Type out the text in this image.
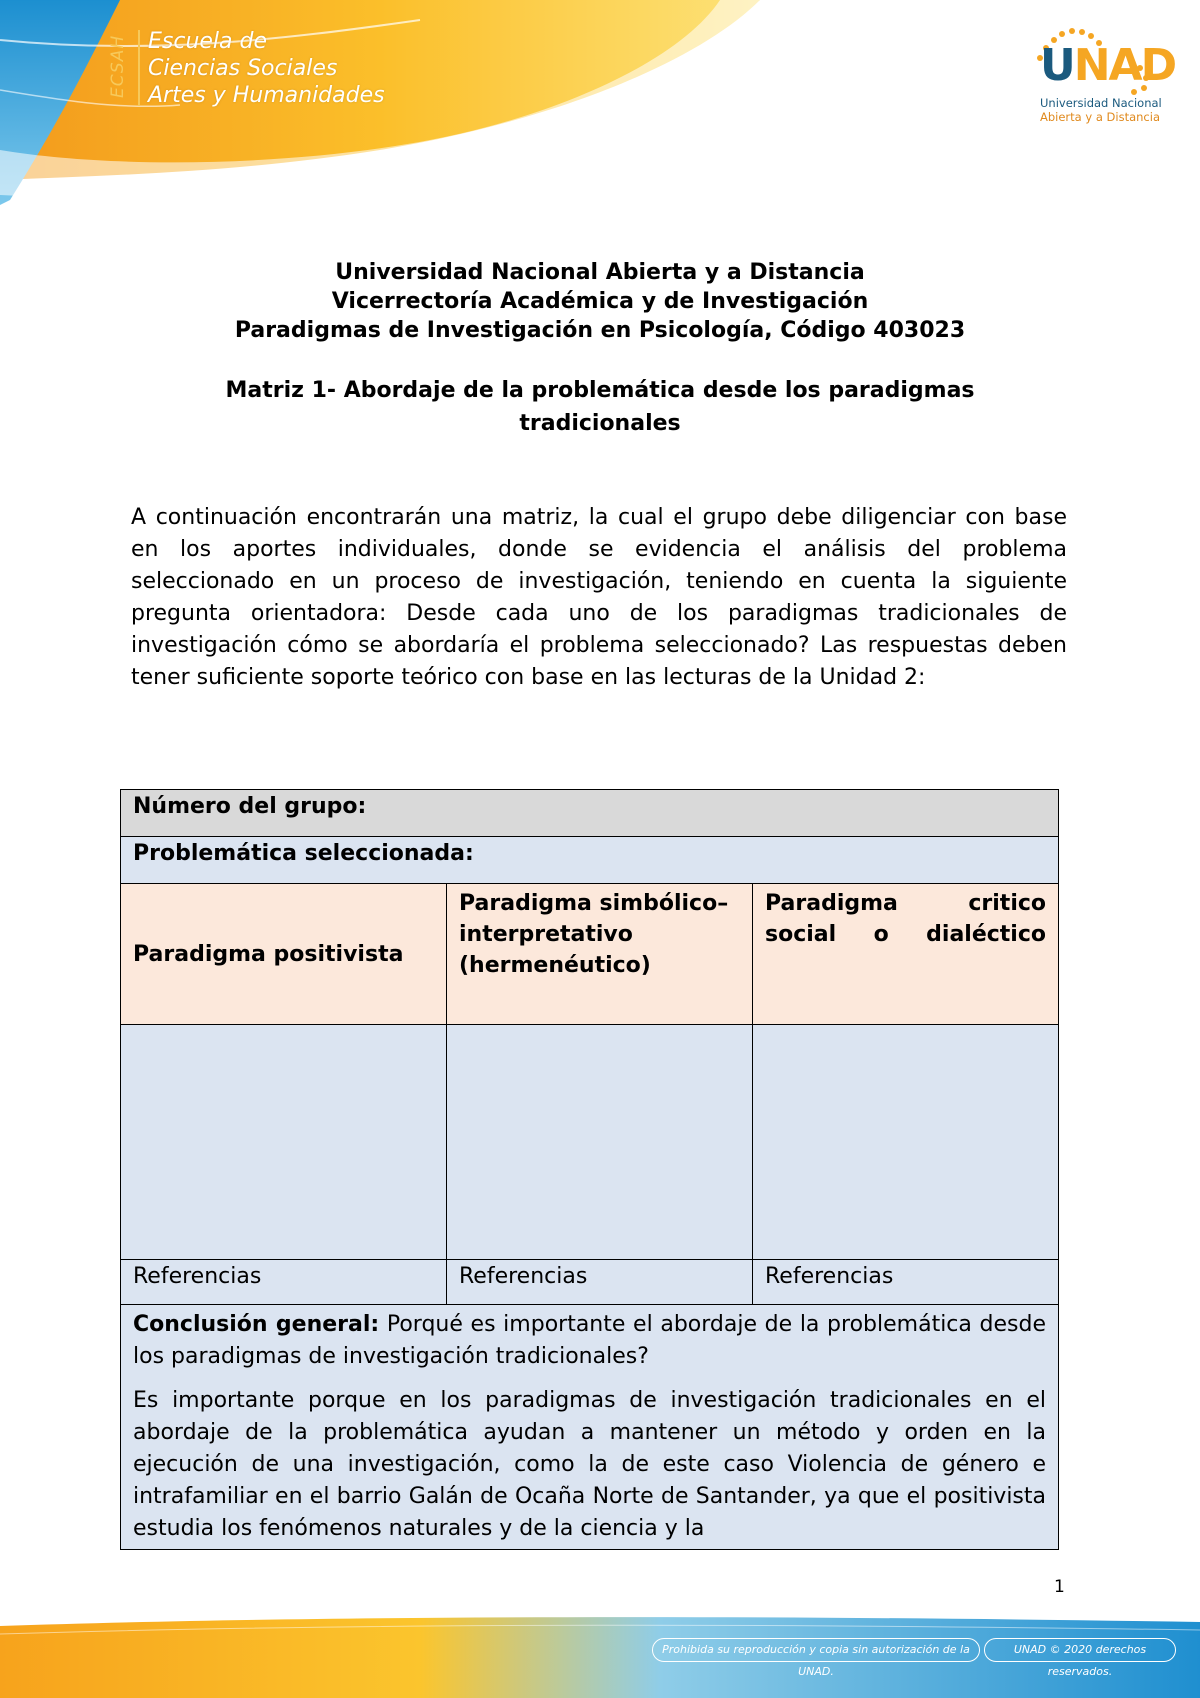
ECSAH Escuela de
Ciencias Sociales
Artes y Humanidades
UNAD
Universidad Nacional
Abierta y a Distancia
Universidad Nacional Abierta y a Distancia
Vicerrectoría Académica y de Investigación
Paradigmas de Investigación en Psicología, Código 403023
Matriz 1- Abordaje de la problemática desde los paradigmas tradicionales
A continuación encontrarán una matriz, la cual el grupo debe diligenciar con base en los aportes individuales, donde se evidencia el análisis del problema seleccionado en un proceso de investigación, teniendo en cuenta la siguiente pregunta orientadora: Desde cada uno de los paradigmas tradicionales de investigación cómo se abordaría el problema seleccionado? Las respuestas deben tener suficiente soporte teórico con base en las lecturas de la Unidad 2:
Número del grupo:		
Problemática seleccionada:		
Paradigma positivista	Paradigma simbólico–interpretativo (hermenéutico)	Paradigma critico social o dialéctico

Referencias	Referencias	Referencias

Conclusión general: Porqué es importante el abordaje de la problemática desde los paradigmas de investigación tradicionales?

Es importante porque en los paradigmas de investigación tradicionales en el abordaje de la problemática ayudan a mantener un método y orden en la ejecución de una investigación, como la de este caso Violencia de género e intrafamiliar en el barrio Galán de Ocaña Norte de Santander, ya que el positivista estudia los fenómenos naturales y de la ciencia y la		

1
Prohibida su reproducción y copia sin autorización de la UNAD.
UNAD © 2020 derechos reservados.
